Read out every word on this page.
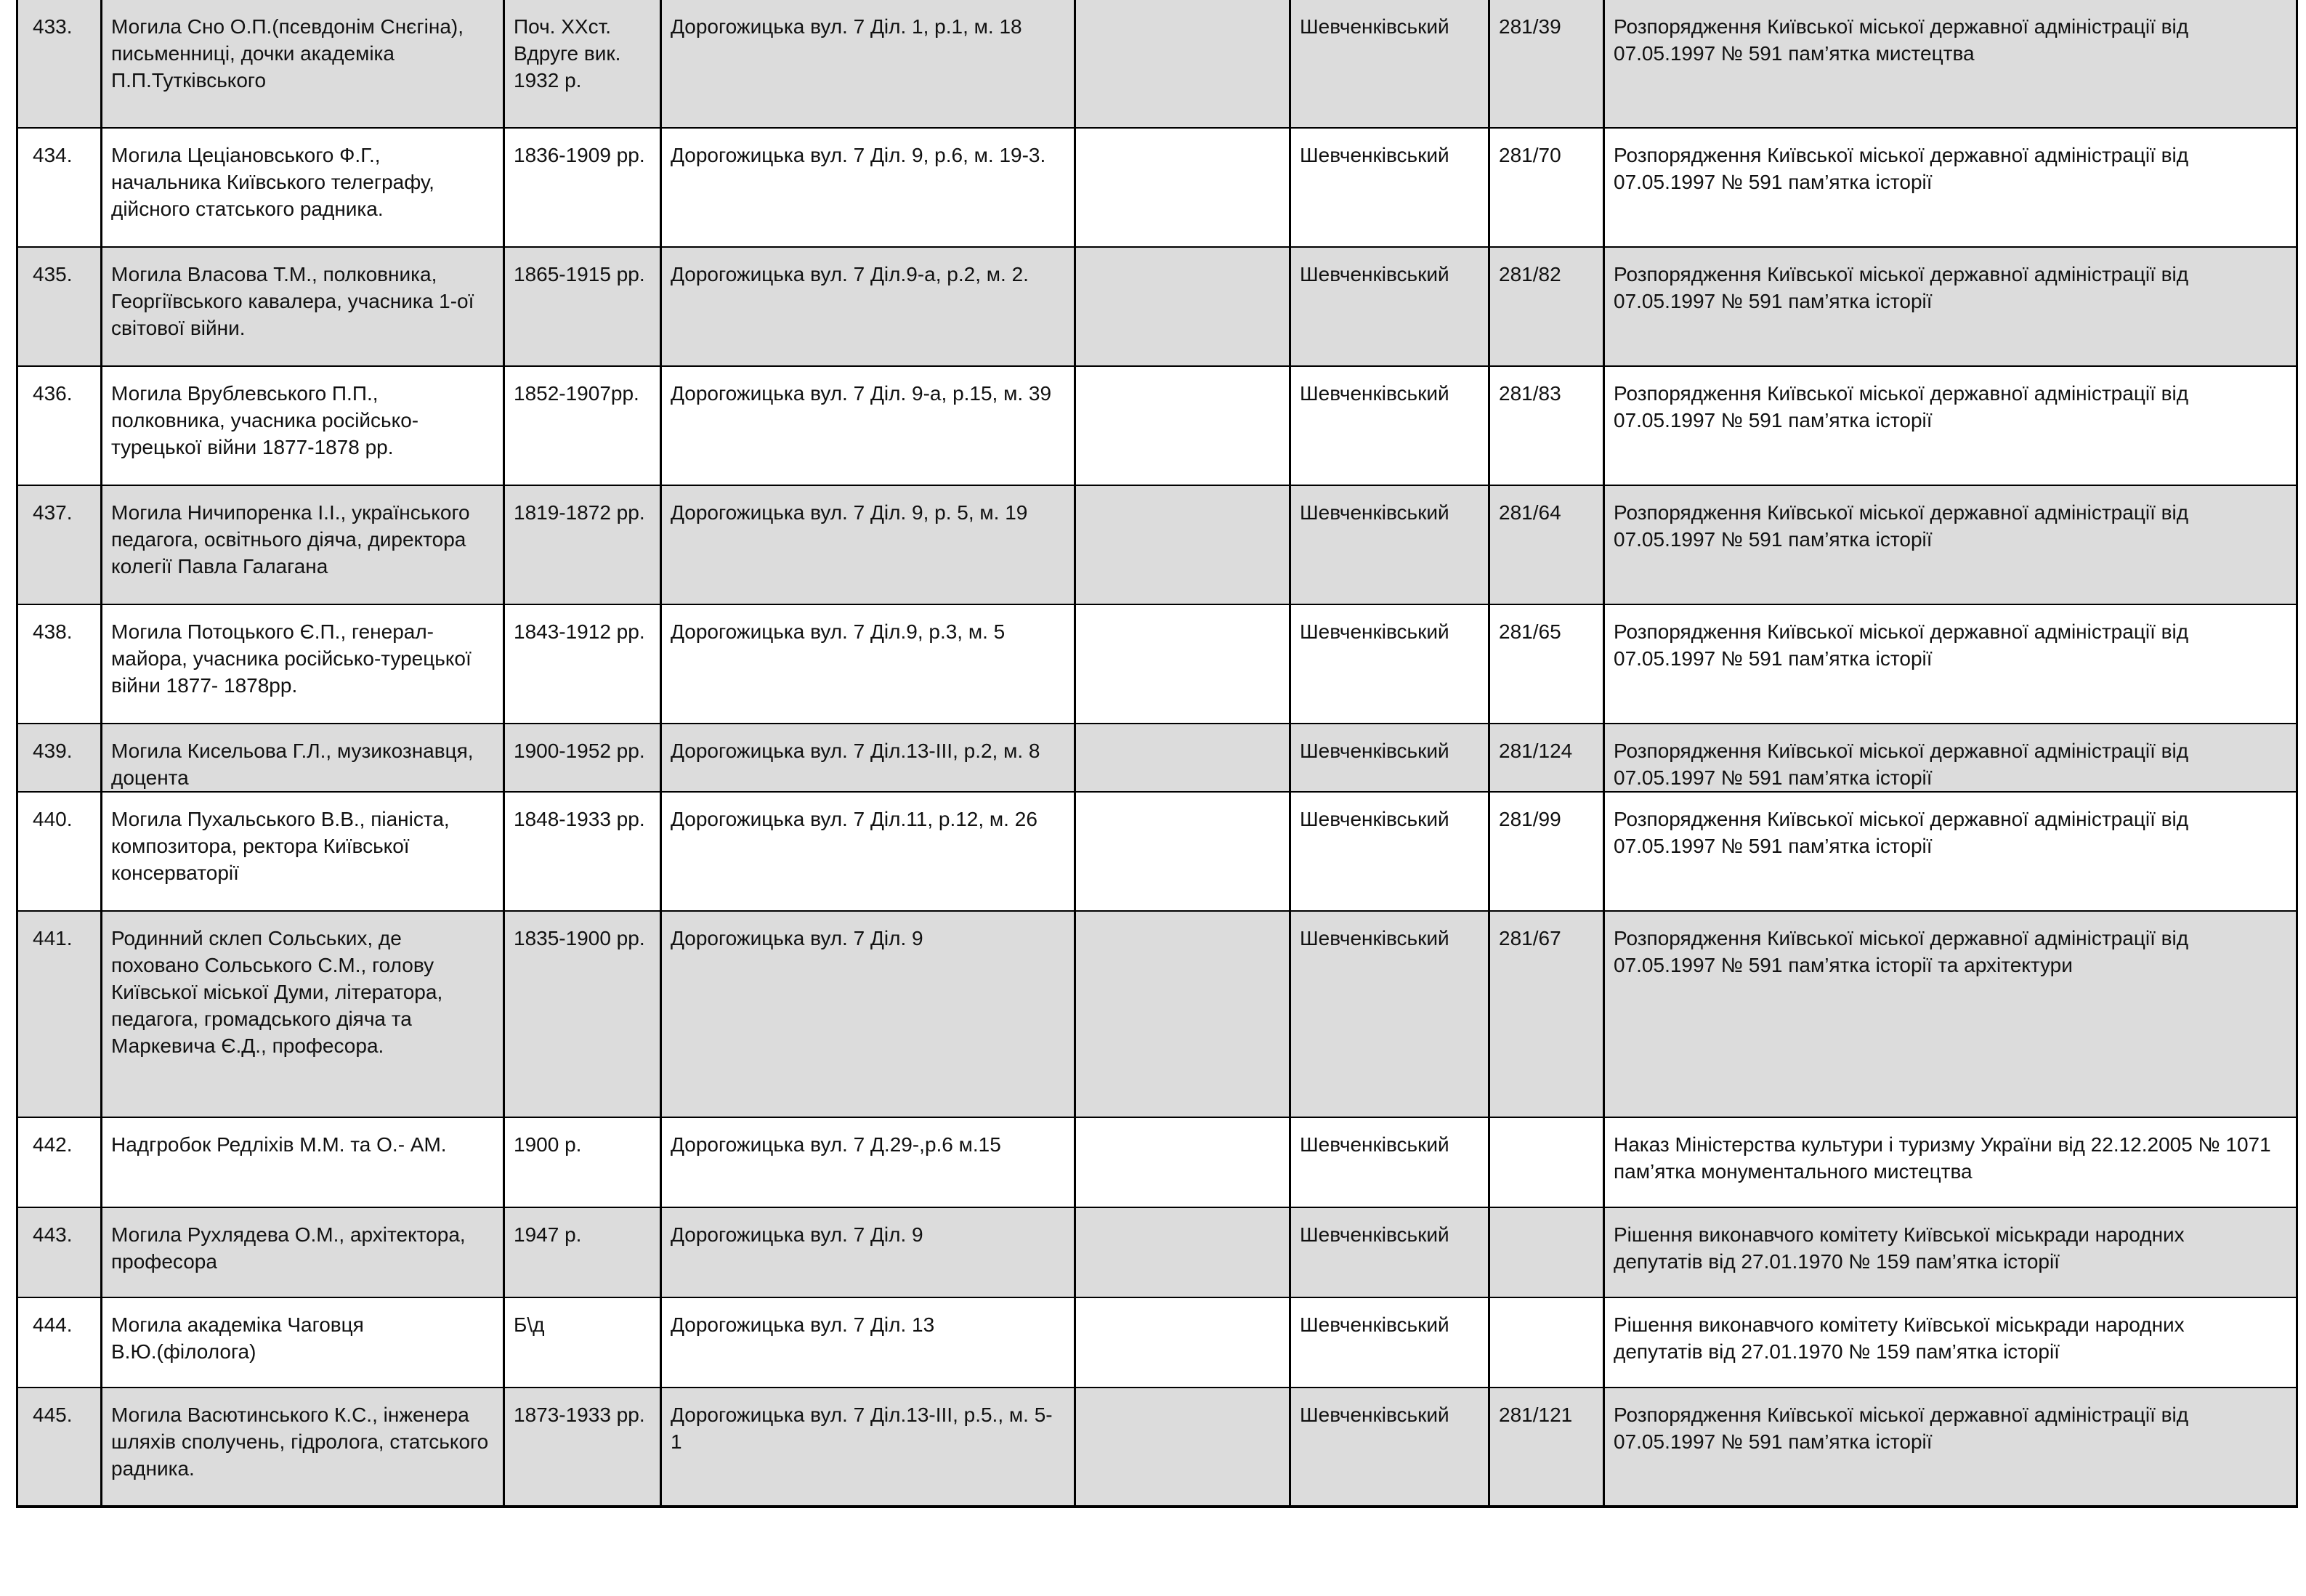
433.	Могила Сно О.П.(псевдонім Снєгіна),
письменниці, дочки академіка
П.П.Тутківського	Поч. XXст.
Вдруге вик.
1932 р.	Дорогожицька вул. 7 Діл. 1, р.1, м. 18		Шевченківський	281/39	Розпорядження Київської міської державної адміністрації від
07.05.1997 № 591 пам’ятка мистецтва
434.	Могила Цеціановського Ф.Г.,
начальника Київського телеграфу,
дійсного статського радника.	1836-1909 рр.	Дорогожицька вул. 7 Діл. 9, р.6, м. 19-3.		Шевченківський	281/70	Розпорядження Київської міської державної адміністрації від
07.05.1997 № 591 пам’ятка історії
435.	Могила Власова Т.М., полковника,
Георгіївського кавалера, учасника 1-ої
світової війни.	1865-1915 рр.	Дорогожицька вул. 7 Діл.9-а, р.2, м. 2.		Шевченківський	281/82	Розпорядження Київської міської державної адміністрації від
07.05.1997 № 591 пам’ятка історії
436.	Могила Врублевського П.П.,
полковника, учасника російсько-
турецької війни 1877-1878 рр.	1852-1907рр.	Дорогожицька вул. 7 Діл. 9-а, р.15, м. 39		Шевченківський	281/83	Розпорядження Київської міської державної адміністрації від
07.05.1997 № 591 пам’ятка історії
437.	Могила Ничипоренка І.І., українського
педагога, освітнього діяча, директора
колегії Павла Галагана	1819-1872 рр.	Дорогожицька вул. 7 Діл. 9, р. 5, м. 19		Шевченківський	281/64	Розпорядження Київської міської державної адміністрації від
07.05.1997 № 591 пам’ятка історії
438.	Могила Потоцького Є.П., генерал-
майора, учасника російсько-турецької
війни 1877- 1878рр.	1843-1912 рр.	Дорогожицька вул. 7 Діл.9, р.3, м. 5		Шевченківський	281/65	Розпорядження Київської міської державної адміністрації від
07.05.1997 № 591 пам’ятка історії
439.	Могила Кисельова Г.Л., музикознавця,
доцента	1900-1952 рр.	Дорогожицька вул. 7 Діл.13-ІІІ, р.2, м. 8		Шевченківський	281/124	Розпорядження Київської міської державної адміністрації від
07.05.1997 № 591 пам’ятка історії
440.	Могила Пухальського В.В., піаніста,
композитора, ректора Київської
консерваторії	1848-1933 рр.	Дорогожицька вул. 7 Діл.11, р.12, м. 26		Шевченківський	281/99	Розпорядження Київської міської державної адміністрації від
07.05.1997 № 591 пам’ятка історії
441.	Родинний склеп Сольських, де
поховано Сольського С.М., голову
Київської міської Думи, літератора,
педагога, громадського діяча та
Маркевича Є.Д., професора.	1835-1900 рр.	Дорогожицька вул. 7 Діл. 9		Шевченківський	281/67	Розпорядження Київської міської державної адміністрації від
07.05.1997 № 591 пам’ятка історії та архітектури
442.	Надгробок Редліхів М.М. та О.- АМ.	1900 р.	Дорогожицька вул. 7 Д.29-,р.6 м.15		Шевченківський		Наказ Міністерства культури і туризму України від 22.12.2005 № 1071
пам’ятка монументального мистецтва
443.	Могила Рухлядева О.М., архітектора,
професора	1947 р.	Дорогожицька вул. 7 Діл. 9		Шевченківський		Рішення виконавчого комітету Київської міськради народних
депутатів від 27.01.1970 № 159 пам’ятка історії
444.	Могила академіка Чаговця
В.Ю.(філолога)	Б\д	Дорогожицька вул. 7 Діл. 13		Шевченківський		Рішення виконавчого комітету Київської міськради народних
депутатів від 27.01.1970 № 159 пам’ятка історії
445.	Могила Васютинського К.С., інженера
шляхів сполучень, гідролога, статського
радника.	1873-1933 рр.	Дорогожицька вул. 7 Діл.13-ІІІ, р.5., м. 5-
1		Шевченківський	281/121	Розпорядження Київської міської державної адміністрації від
07.05.1997 № 591 пам’ятка історії
